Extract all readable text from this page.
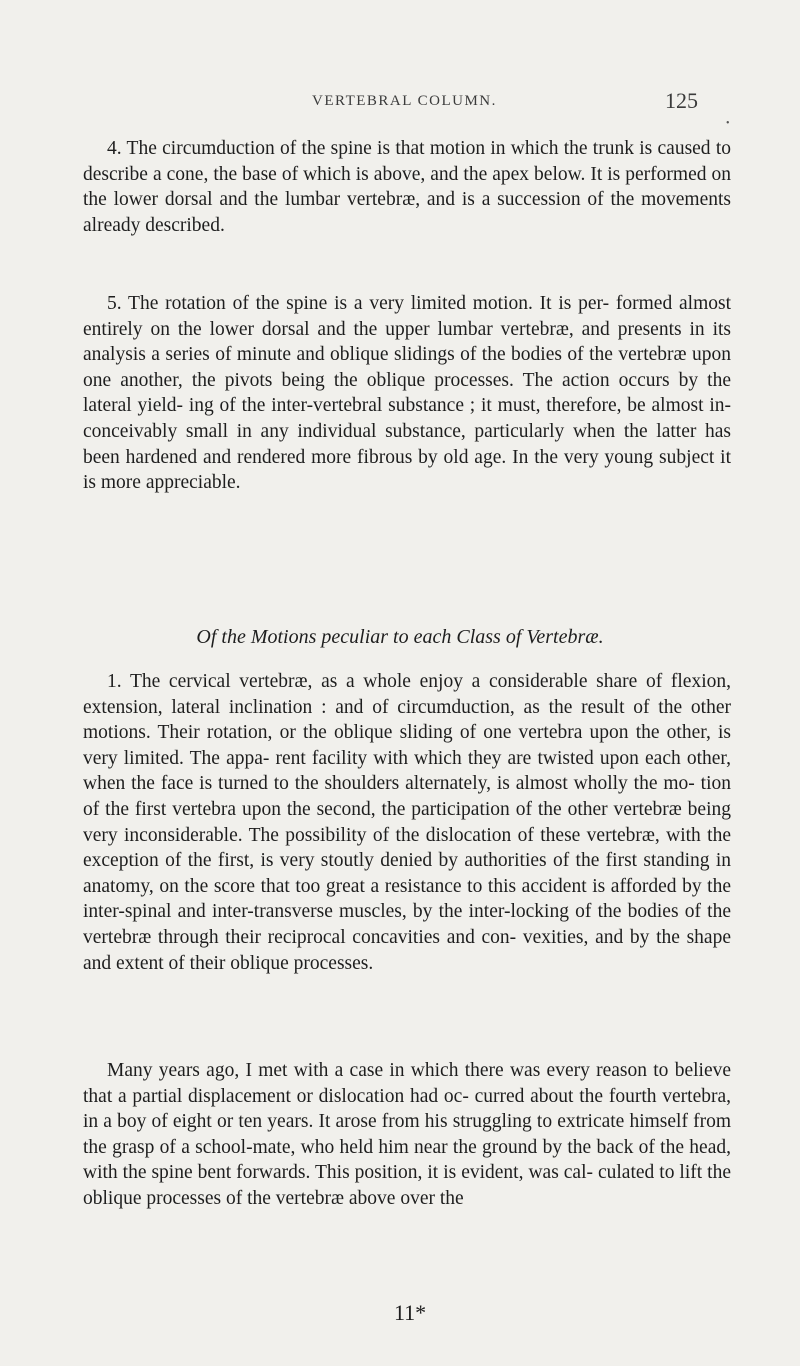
VERTEBRAL COLUMN.	125
•

4. The circumduction of the spine is that motion in which the trunk is caused to describe a cone, the base of which is above, and the apex below. It is performed on the lower dorsal and the lumbar vertebræ, and is a succession of the movements already described.

5. The rotation of the spine is a very limited motion. It is per- formed almost entirely on the lower dorsal and the upper lumbar vertebræ, and presents in its analysis a series of minute and oblique slidings of the bodies of the vertebræ upon one another, the pivots being the oblique processes. The action occurs by the lateral yield- ing of the inter-vertebral substance ; it must, therefore, be almost in- conceivably small in any individual substance, particularly when the latter has been hardened and rendered more fibrous by old age. In the very young subject it is more appreciable.

Of the Motions peculiar to each Class of Vertebræ.

1. The cervical vertebræ, as a whole enjoy a considerable share of flexion, extension, lateral inclination : and of circumduction, as the result of the other motions. Their rotation, or the oblique sliding of one vertebra upon the other, is very limited. The appa- rent facility with which they are twisted upon each other, when the face is turned to the shoulders alternately, is almost wholly the mo- tion of the first vertebra upon the second, the participation of the other vertebræ being very inconsiderable. The possibility of the dislocation of these vertebræ, with the exception of the first, is very stoutly denied by authorities of the first standing in anatomy, on the score that too great a resistance to this accident is afforded by the inter-spinal and inter-transverse muscles, by the inter-locking of the bodies of the vertebræ through their reciprocal concavities and con- vexities, and by the shape and extent of their oblique processes.

Many years ago, I met with a case in which there was every reason to believe that a partial displacement or dislocation had oc- curred about the fourth vertebra, in a boy of eight or ten years. It arose from his struggling to extricate himself from the grasp of a school-mate, who held him near the ground by the back of the head, with the spine bent forwards. This position, it is evident, was cal- culated to lift the oblique processes of the vertebræ above over the

11*
